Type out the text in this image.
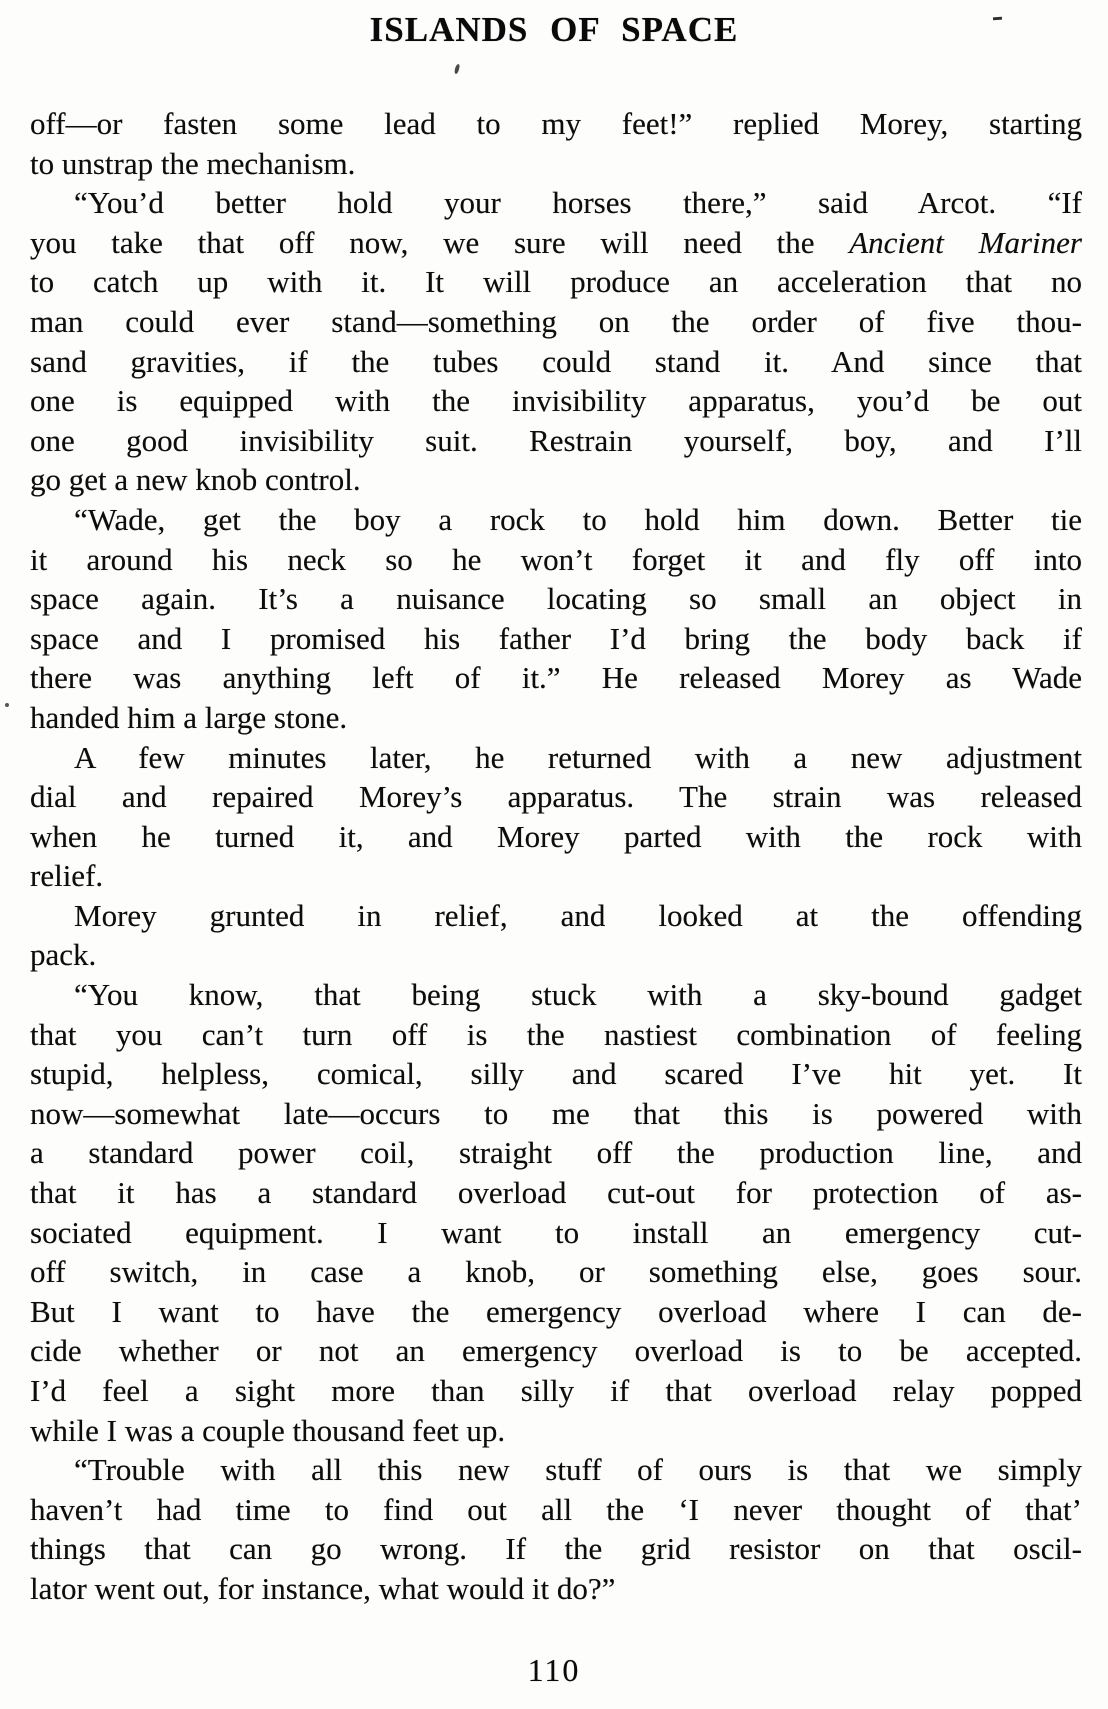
ISLANDS OF SPACE
off—or fasten some lead to my feet!” replied Morey, starting
to unstrap the mechanism.
“You’d better hold your horses there,” said Arcot. “If
you take that off now, we sure will need the Ancient Mariner
to catch up with it. It will produce an acceleration that no
man could ever stand—something on the order of five thou-
sand gravities, if the tubes could stand it. And since that
one is equipped with the invisibility apparatus, you’d be out
one good invisibility suit. Restrain yourself, boy, and I’ll
go get a new knob control.
“Wade, get the boy a rock to hold him down. Better tie
it around his neck so he won’t forget it and fly off into
space again. It’s a nuisance locating so small an object in
space and I promised his father I’d bring the body back if
there was anything left of it.” He released Morey as Wade
handed him a large stone.
A few minutes later, he returned with a new adjustment
dial and repaired Morey’s apparatus. The strain was released
when he turned it, and Morey parted with the rock with
relief.
Morey grunted in relief, and looked at the offending
pack.
“You know, that being stuck with a sky-bound gadget
that you can’t turn off is the nastiest combination of feeling
stupid, helpless, comical, silly and scared I’ve hit yet. It
now—somewhat late—occurs to me that this is powered with
a standard power coil, straight off the production line, and
that it has a standard overload cut-out for protection of as-
sociated equipment. I want to install an emergency cut-
off switch, in case a knob, or something else, goes sour.
But I want to have the emergency overload where I can de-
cide whether or not an emergency overload is to be accepted.
I’d feel a sight more than silly if that overload relay popped
while I was a couple thousand feet up.
“Trouble with all this new stuff of ours is that we simply
haven’t had time to find out all the ‘I never thought of that’
things that can go wrong. If the grid resistor on that oscil-
lator went out, for instance, what would it do?”
110
